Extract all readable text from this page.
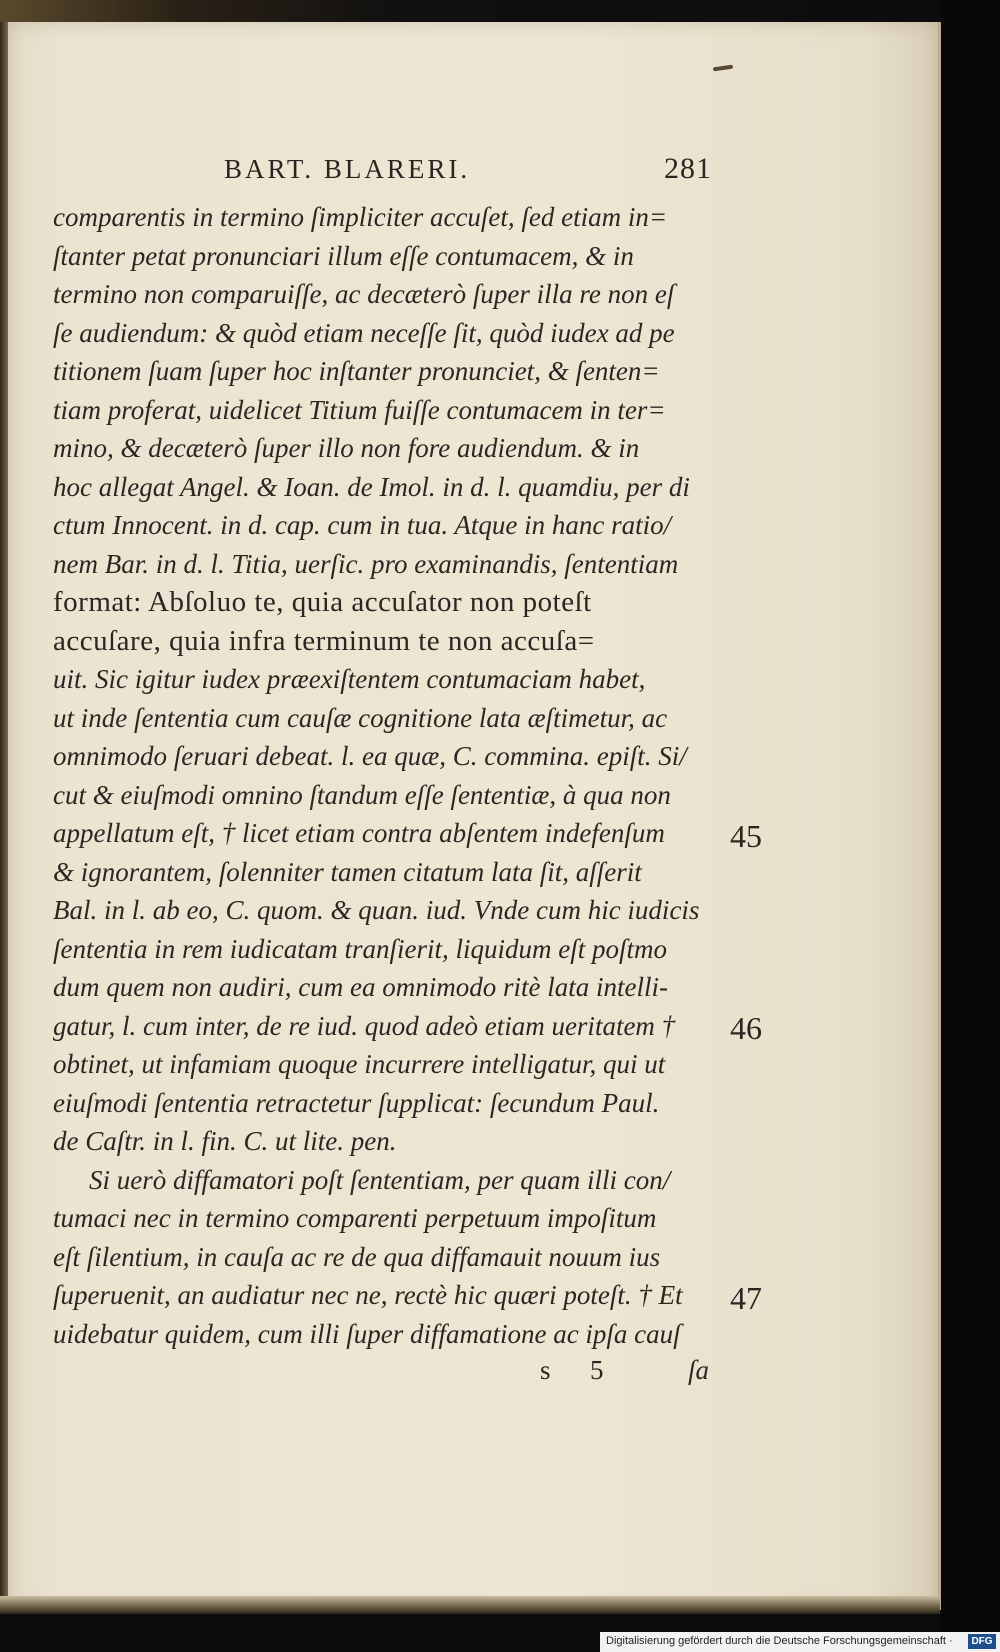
BART. BLARERI.	281
comparentis in termino ſimpliciter accuſet, ſed etiam in=
ſtanter petat pronunciari illum eſſe contumacem, & in
termino non comparuiſſe, ac decæterò ſuper illa re non eſ
ſe audiendum: & quòd etiam neceſſe ſit, quòd iudex ad pe
titionem ſuam ſuper hoc inſtanter pronunciet, & ſenten=
tiam proferat, uidelicet Titium fuiſſe contumacem in ter=
mino, & decæterò ſuper illo non fore audiendum. & in
hoc allegat Angel. & Ioan. de Imol. in d. l. quamdiu, per di
ctum Innocent. in d. cap. cum in tua. Atque in hanc ratio/
nem Bar. in d. l. Titia, uerſic. pro examinandis, ſententiam
format: Abſoluo te, quia accuſator non poteſt
accuſare, quia infra terminum te non accuſa=
uit. Sic igitur iudex præexiſtentem contumaciam habet,
ut inde ſententia cum cauſæ cognitione lata æſtimetur, ac
omnimodo ſeruari debeat. l. ea quæ, C. commina. epiſt. Si/
cut & eiuſmodi omnino ſtandum eſſe ſententiæ, à qua non
appellatum eſt, † licet etiam contra abſentem indefenſum
& ignorantem, ſolenniter tamen citatum lata ſit, aſſerit
Bal. in l. ab eo, C. quom. & quan. iud. Vnde cum hic iudicis
ſententia in rem iudicatam tranſierit, liquidum eſt poſtmo
dum quem non audiri, cum ea omnimodo ritè lata intelli-
gatur, l. cum inter, de re iud. quod adeò etiam ueritatem †
obtinet, ut infamiam quoque incurrere intelligatur, qui ut
eiuſmodi ſententia retractetur ſupplicat: ſecundum Paul.
de Caſtr. in l. fin. C. ut lite. pen.
Si uerò diffamatori poſt ſententiam, per quam illi con/
tumaci nec in termino comparenti perpetuum impoſitum
eſt ſilentium, in cauſa ac re de qua diffamauit nouum ius
ſuperuenit, an audiatur nec ne, rectè hic quæri poteſt. † Et
uidebatur quidem, cum illi ſuper diffamatione ac ipſa cauſ
45
46
47
s 5	ſa
Digitalisierung gefördert durch die Deutsche Forschungsgemeinschaft ·	DFG
